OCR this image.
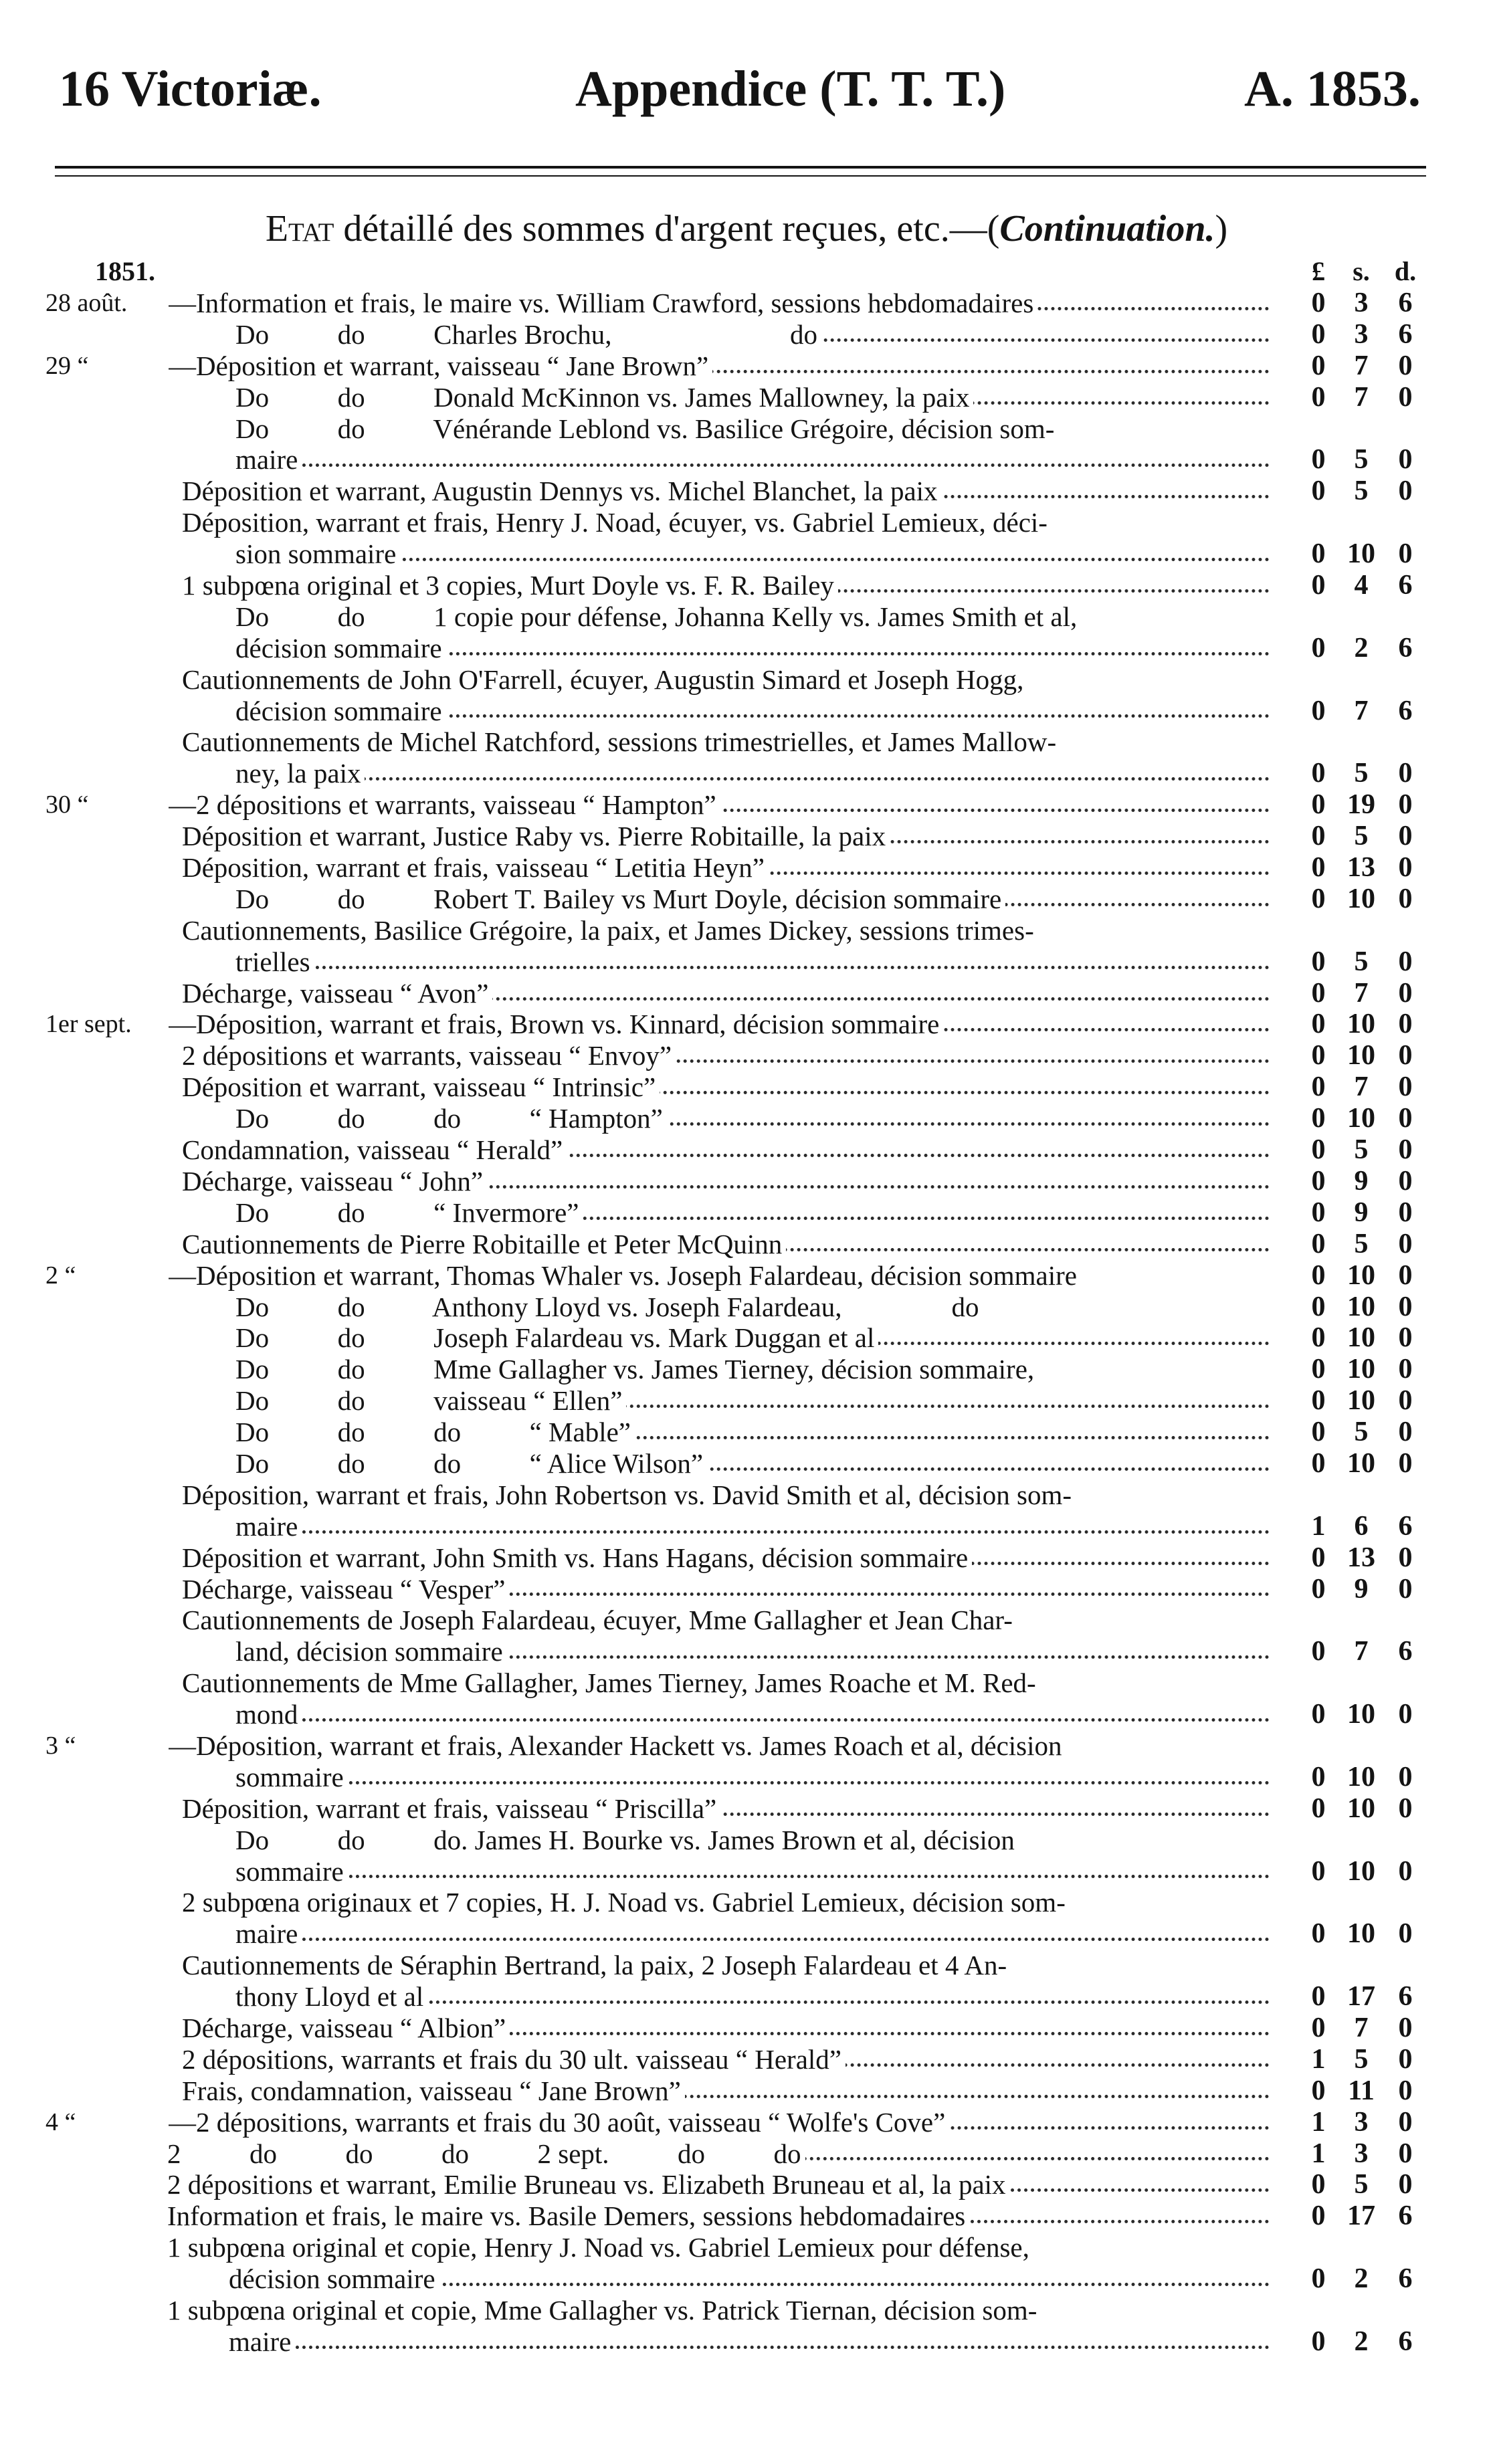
16 Victoriæ.	Appendice (T. T. T.)	A. 1853.
Etat détaillé des sommes d'argent reçues, etc.—(Continuation.)
1851.	£	s. d.
28 août.	—Information et frais, le maire vs. William Crawford, sessions hebdomadaires	0	3	6
Do          do          Charles Brochu,                          do	0	3	6
29 “	—Déposition et warrant, vaisseau “ Jane Brown”	0	7	0
Do          do          Donald McKinnon vs. James Mallowney, la paix	0	7	0
Do          do          Vénérande Leblond vs. Basilice Grégoire, décision som-
maire	0	5	0
Déposition et warrant, Augustin Dennys vs. Michel Blanchet, la paix	0	5	0
Déposition, warrant et frais, Henry J. Noad, écuyer, vs. Gabriel Lemieux, déci-
sion sommaire	0 10 0
1 subpœna original et 3 copies, Murt Doyle vs. F. R. Bailey	0	4	6
Do          do          1 copie pour défense, Johanna Kelly vs. James Smith et al,
décision sommaire	0	2	6
Cautionnements de John O'Farrell, écuyer, Augustin Simard et Joseph Hogg,
décision sommaire	0	7	6
Cautionnements de Michel Ratchford, sessions trimestrielles, et James Mallow-
ney, la paix	0	5	0
30 “	—2 dépositions et warrants, vaisseau “ Hampton”	0 19 0
Déposition et warrant, Justice Raby vs. Pierre Robitaille, la paix	0	5	0
Déposition, warrant et frais, vaisseau “ Letitia Heyn”	0 13 0
Do          do          Robert T. Bailey vs Murt Doyle, décision sommaire	0 10 0
Cautionnements, Basilice Grégoire, la paix, et James Dickey, sessions trimes-
trielles	0	5	0
Décharge, vaisseau “ Avon”	0	7	0
1er sept.	—Déposition, warrant et frais, Brown vs. Kinnard, décision sommaire	0 10 0
2 dépositions et warrants, vaisseau “ Envoy”	0 10 0
Déposition et warrant, vaisseau “ Intrinsic”	0	7	0
Do          do          do          “ Hampton”	0 10 0
Condamnation, vaisseau “ Herald”	0	5	0
Décharge, vaisseau “ John”	0	9	0
Do          do          “ Invermore”	0	9	0
Cautionnements de Pierre Robitaille et Peter McQuinn	0	5	0
2 “	—Déposition et warrant, Thomas Whaler vs. Joseph Falardeau, décision sommaire	0 10 0
Do          do          Anthony Lloyd vs. Joseph Falardeau,                do	0 10 0
Do          do          Joseph Falardeau vs. Mark Duggan et al	0 10 0
Do          do          Mme Gallagher vs. James Tierney, décision sommaire,	0 10 0
Do          do          vaisseau “ Ellen”	0 10 0
Do          do          do          “ Mable”	0	5	0
Do          do          do          “ Alice Wilson”	0 10 0
Déposition, warrant et frais, John Robertson vs. David Smith et al, décision som-
maire	1	6	6
Déposition et warrant, John Smith vs. Hans Hagans, décision sommaire	0 13 0
Décharge, vaisseau “ Vesper”	0	9	0
Cautionnements de Joseph Falardeau, écuyer, Mme Gallagher et Jean Char-
land, décision sommaire	0	7	6
Cautionnements de Mme Gallagher, James Tierney, James Roache et M. Red-
mond	0 10 0
3 “	—Déposition, warrant et frais, Alexander Hackett vs. James Roach et al, décision
sommaire	0 10 0
Déposition, warrant et frais, vaisseau “ Priscilla”	0 10 0
Do          do          do. James H. Bourke vs. James Brown et al, décision
sommaire	0 10 0
2 subpœna originaux et 7 copies, H. J. Noad vs. Gabriel Lemieux, décision som-
maire	0 10 0
Cautionnements de Séraphin Bertrand, la paix, 2 Joseph Falardeau et 4 An-
thony Lloyd et al	0 17 6
Décharge, vaisseau “ Albion”	0	7	0
2 dépositions, warrants et frais du 30 ult. vaisseau “ Herald”	1	5	0
Frais, condamnation, vaisseau “ Jane Brown”	0 11 0
4 “	—2 dépositions, warrants et frais du 30 août, vaisseau “ Wolfe's Cove”	1	3	0
2          do          do          do          2 sept.          do          do	1	3	0
2 dépositions et warrant, Emilie Bruneau vs. Elizabeth Bruneau et al, la paix	0	5	0
Information et frais, le maire vs. Basile Demers, sessions hebdomadaires	0 17 6
1 subpœna original et copie, Henry J. Noad vs. Gabriel Lemieux pour défense,
décision sommaire	0	2	6
1 subpœna original et copie, Mme Gallagher vs. Patrick Tiernan, décision som-
maire	0	2	6
